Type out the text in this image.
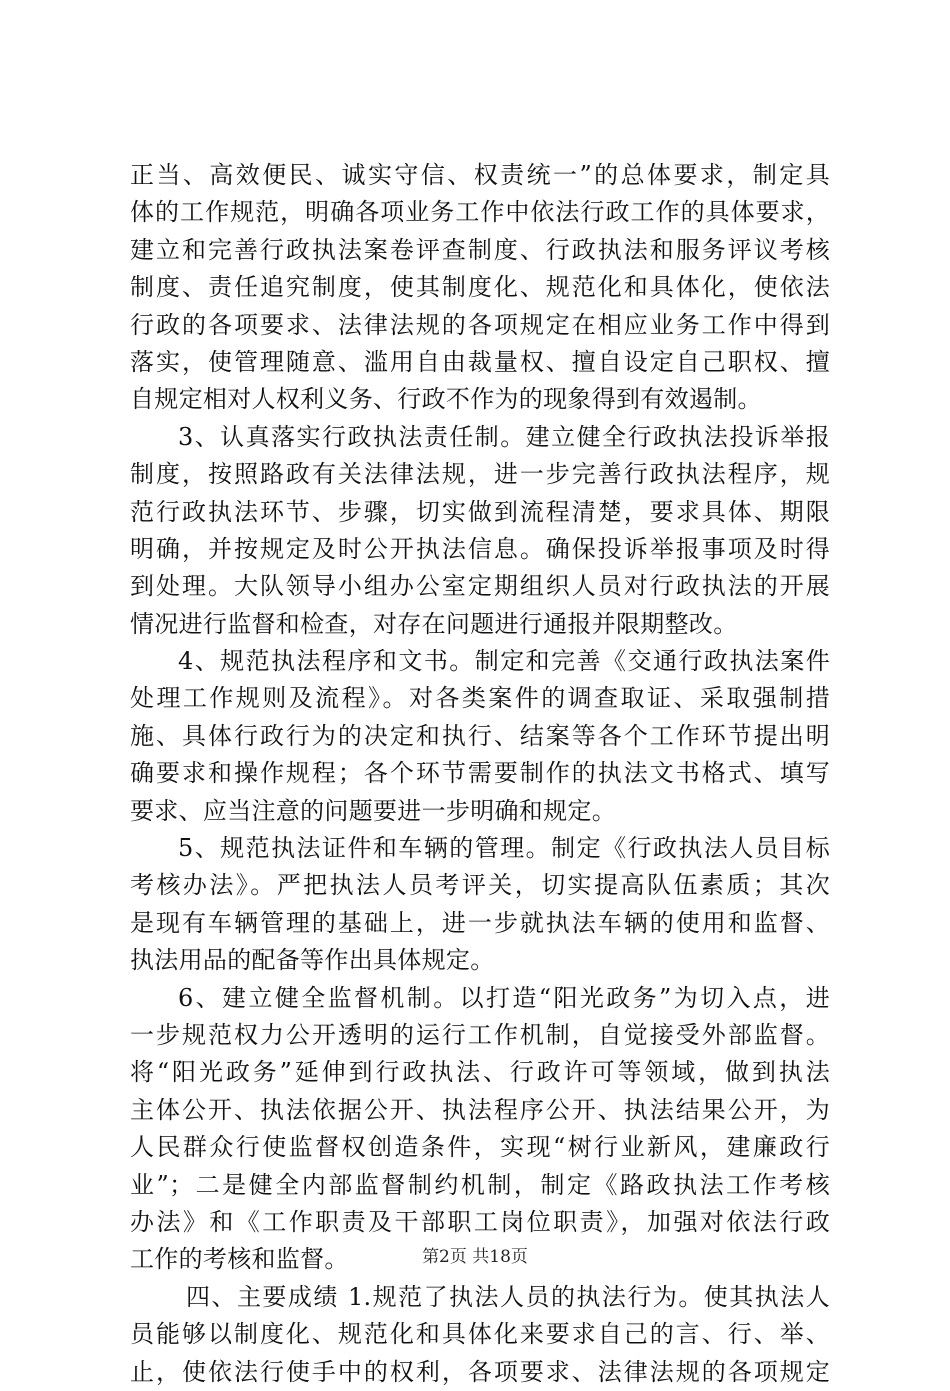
正当、高效便民、诚实守信、权责统一”的总体要求，制定具
体的工作规范，明确各项业务工作中依法行政工作的具体要求，
建立和完善行政执法案卷评查制度、行政执法和服务评议考核
制度、责任追究制度，使其制度化、规范化和具体化，使依法
行政的各项要求、法律法规的各项规定在相应业务工作中得到
落实，使管理随意、滥用自由裁量权、擅自设定自己职权、擅
自规定相对人权利义务、行政不作为的现象得到有效遏制。
3、认真落实行政执法责任制。建立健全行政执法投诉举报
制度，按照路政有关法律法规，进一步完善行政执法程序，规
范行政执法环节、步骤，切实做到流程清楚，要求具体、期限
明确，并按规定及时公开执法信息。确保投诉举报事项及时得
到处理。大队领导小组办公室定期组织人员对行政执法的开展
情况进行监督和检查，对存在问题进行通报并限期整改。
4、规范执法程序和文书。制定和完善《交通行政执法案件
处理工作规则及流程》。对各类案件的调查取证、采取强制措
施、具体行政行为的决定和执行、结案等各个工作环节提出明
确要求和操作规程；各个环节需要制作的执法文书格式、填写
要求、应当注意的问题要进一步明确和规定。
5、规范执法证件和车辆的管理。制定《行政执法人员目标
考核办法》。严把执法人员考评关，切实提高队伍素质；其次
是现有车辆管理的基础上，进一步就执法车辆的使用和监督、
执法用品的配备等作出具体规定。
6、建立健全监督机制。以打造“阳光政务”为切入点，进
一步规范权力公开透明的运行工作机制，自觉接受外部监督。
将“阳光政务”延伸到行政执法、行政许可等领域，做到执法
主体公开、执法依据公开、执法程序公开、执法结果公开，为
人民群众行使监督权创造条件，实现“树行业新风，建廉政行
业”；二是健全内部监督制约机制，制定《路政执法工作考核
办法》和《工作职责及干部职工岗位职责》，加强对依法行政
工作的考核和监督。
四、主要成绩 1.规范了执法人员的执法行为。使其执法人
员能够以制度化、规范化和具体化来要求自己的言、行、举、
止，使依法行使手中的权利，各项要求、法律法规的各项规定
第2页 共18页
